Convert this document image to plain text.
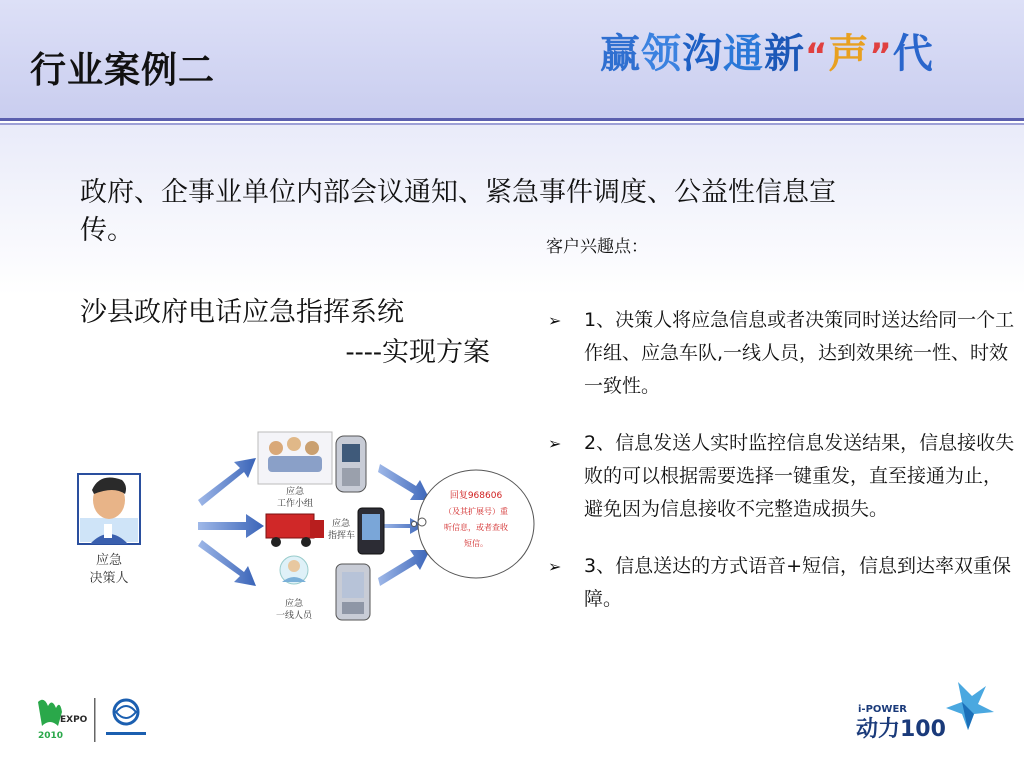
行业案例二	赢领沟通新“声”代
政府、企事业单位内部会议通知、紧急事件调度、公益性信息宣传。
沙县政府电话应急指挥系统
----实现方案
客户兴趣点：
➢ 1、决策人将应急信息或者决策同时送达给同一个工作组、应急车队,一线人员，达到效果统一性、时效一致性。
➢ 2、信息发送人实时监控信息发送结果，信息接收失败的可以根据需要选择一键重发，直至接通为止，避免因为信息接收不完整造成损失。
➢ 3、信息送达的方式语音+短信，信息到达率双重保障。
应急
决策人
应急
工作小组
应急
指挥车
应急
一线人员
回复968606
（及其扩展号）重
听信息，或者查收
短信。
EXPO
2010
i-POWER
动力100
